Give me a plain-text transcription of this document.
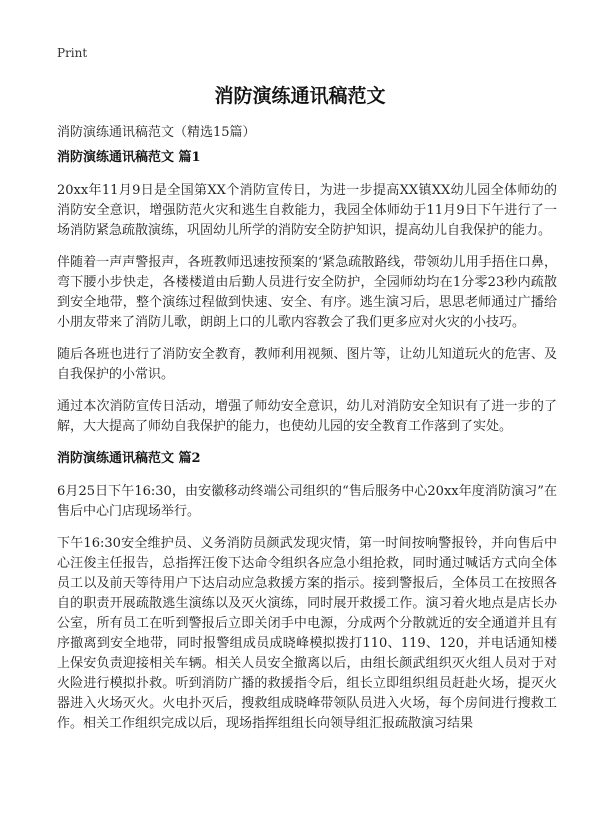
Print
消防演练通讯稿范文
消防演练通讯稿范文（精选15篇）
消防演练通讯稿范文 篇1

20xx年11月9日是全国第XX个消防宣传日，为进一步提高XX镇XX幼儿园全体师幼的消防安全意识，增强防范火灾和逃生自救能力，我园全体师幼于11月9日下午进行了一场消防紧急疏散演练，巩固幼儿所学的消防安全防护知识，提高幼儿自我保护的能力。

伴随着一声声警报声，各班教师迅速按预案的‘紧急疏散路线，带领幼儿用手捂住口鼻，弯下腰小步快走，各楼楼道由后勤人员进行安全防护，全园师幼均在1分零23秒内疏散到安全地带，整个演练过程做到快速、安全、有序。逃生演习后，思思老师通过广播给小朋友带来了消防儿歌，朗朗上口的儿歌内容教会了我们更多应对火灾的小技巧。

随后各班也进行了消防安全教育，教师利用视频、图片等，让幼儿知道玩火的危害、及自我保护的小常识。

通过本次消防宣传日活动，增强了师幼安全意识，幼儿对消防安全知识有了进一步的了解，大大提高了师幼自我保护的能力，也使幼儿园的安全教育工作落到了实处。

消防演练通讯稿范文 篇2

6月25日下午16:30，由安徽移动终端公司组织的“售后服务中心20xx年度消防演习”在售后中心门店现场举行。

下午16:30安全维护员、义务消防员颜武发现灾情，第一时间按响警报铃，并向售后中心汪俊主任报告，总指挥汪俊下达命令组织各应急小组抢救，同时通过喊话方式向全体员工以及前天等待用户下达启动应急救援方案的指示。接到警报后，全体员工在按照各自的职责开展疏散逃生演练以及灭火演练，同时展开救援工作。演习着火地点是店长办公室，所有员工在听到警报后立即关闭手中电源，分成两个分散就近的安全通道并且有序撤离到安全地带，同时报警组成员成晓峰模拟拨打110、119、120，并电话通知楼上保安负责迎接相关车辆。相关人员安全撤离以后，由组长颜武组织灭火组人员对于对火险进行模拟扑救。听到消防广播的救援指令后，组长立即组织组员赶赴火场，提灭火器进入火场灭火。火电扑灭后，搜救组成晓峰带领队员进入火场，每个房间进行搜救工作。相关工作组织完成以后，现场指挥组组长向领导组汇报疏散演习结果
